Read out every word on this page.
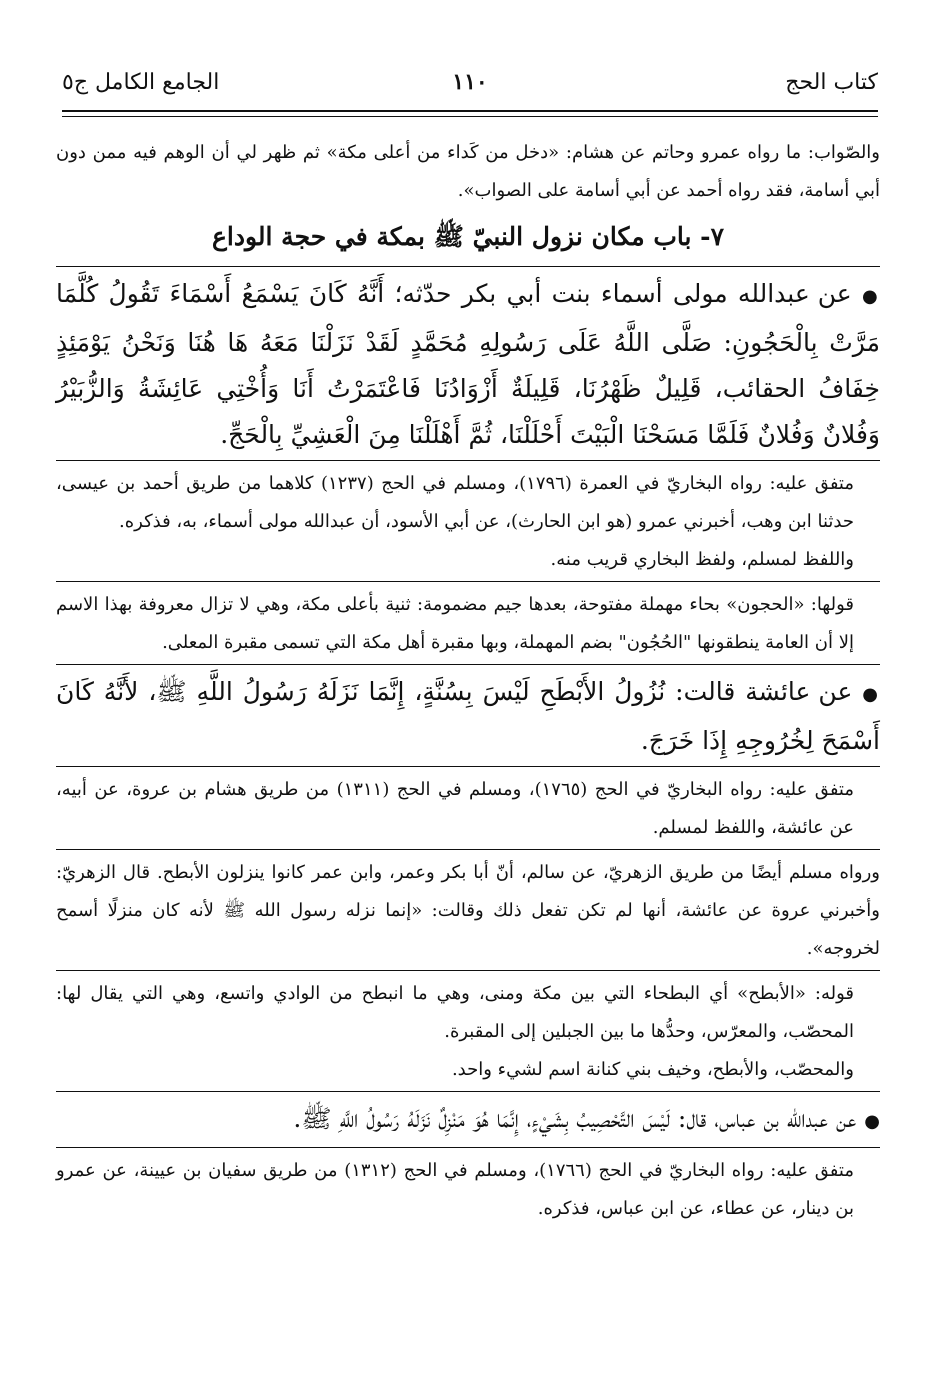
كتاب الحج
١١٠
الجامع الكامل ج٥

والصّواب: ما رواه عمرو وحاتم عن هشام: «دخل من كَداء من أعلى مكة» ثم ظهر لي أن الوهم فيه ممن دون أبي أسامة، فقد رواه أحمد عن أبي أسامة على الصواب».

٧- باب مكان نزول النبيّ ﷺ بمكة في حجة الوداع

● عن عبدالله مولى أسماء بنت أبي بكر حدّثه؛ أَنَّهُ كَانَ يَسْمَعُ أَسْمَاءَ تَقُولُ كُلَّمَا مَرَّتْ بِالْحَجُونِ: صَلَّى اللَّهُ عَلَى رَسُولِهِ مُحَمَّدٍ لَقَدْ نَزَلْنَا مَعَهُ هَا هُنَا وَنَحْنُ يَوْمَئِذٍ خِفَافُ الحقائب، قَلِيلٌ ظَهْرُنَا، قَلِيلَةٌ أَزْوَادُنَا فَاعْتَمَرْتُ أَنَا وَأُخْتِي عَائِشَةُ وَالزُّبَيْرُ وَفُلانٌ وَفُلانٌ فَلَمَّا مَسَحْنَا الْبَيْتَ أَحْلَلْنَا، ثُمَّ أَهْلَلْنَا مِنَ الْعَشِيِّ بِالْحَجِّ.

متفق عليه: رواه البخاريّ في العمرة (١٧٩٦)، ومسلم في الحج (١٢٣٧) كلاهما من طريق أحمد بن عيسى، حدثنا ابن وهب، أخبرني عمرو (هو ابن الحارث)، عن أبي الأسود، أن عبدالله مولى أسماء، به، فذكره.

واللفظ لمسلم، ولفظ البخاري قريب منه.

قولها: «الحجون» بحاء مهملة مفتوحة، بعدها جيم مضمومة: ثنية بأعلى مكة، وهي لا تزال معروفة بهذا الاسم إلا أن العامة ينطقونها "الحُجُون" بضم المهملة، وبها مقبرة أهل مكة التي تسمى مقبرة المعلى.

● عن عائشة قالت: نُزُولُ الأَبْطَحِ لَيْسَ بِسُنَّةٍ، إِنَّمَا نَزَلَهُ رَسُولُ اللَّهِ ﷺ، لأَنَّهُ كَانَ أَسْمَحَ لِخُرُوجِهِ إِذَا خَرَجَ.

متفق عليه: رواه البخاريّ في الحج (١٧٦٥)، ومسلم في الحج (١٣١١) من طريق هشام بن عروة، عن أبيه، عن عائشة، واللفظ لمسلم.

ورواه مسلم أيضًا من طريق الزهريّ، عن سالم، أنّ أبا بكر وعمر، وابن عمر كانوا ينزلون الأبطح. قال الزهريّ: وأخبرني عروة عن عائشة، أنها لم تكن تفعل ذلك وقالت: «إنما نزله رسول الله ﷺ لأنه كان منزلًا أسمح لخروجه».

قوله: «الأبطح» أي البطحاء التي بين مكة ومنى، وهي ما انبطح من الوادي واتسع، وهي التي يقال لها: المحصّب، والمعرّس، وحدُّها ما بين الجبلين إلى المقبرة.

والمحصّب، والأبطح، وخيف بني كنانة اسم لشيء واحد.

● عن عبدالله بن عباس، قال: لَيْسَ التَّحْصِيبُ بِشَيْءٍ، إِنَّمَا هُوَ مَنْزِلٌ نَزَلَهُ رَسُولُ اللَّهِ ﷺ.

متفق عليه: رواه البخاريّ في الحج (١٧٦٦)، ومسلم في الحج (١٣١٢) من طريق سفيان بن عيينة، عن عمرو بن دينار، عن عطاء، عن ابن عباس، فذكره.
